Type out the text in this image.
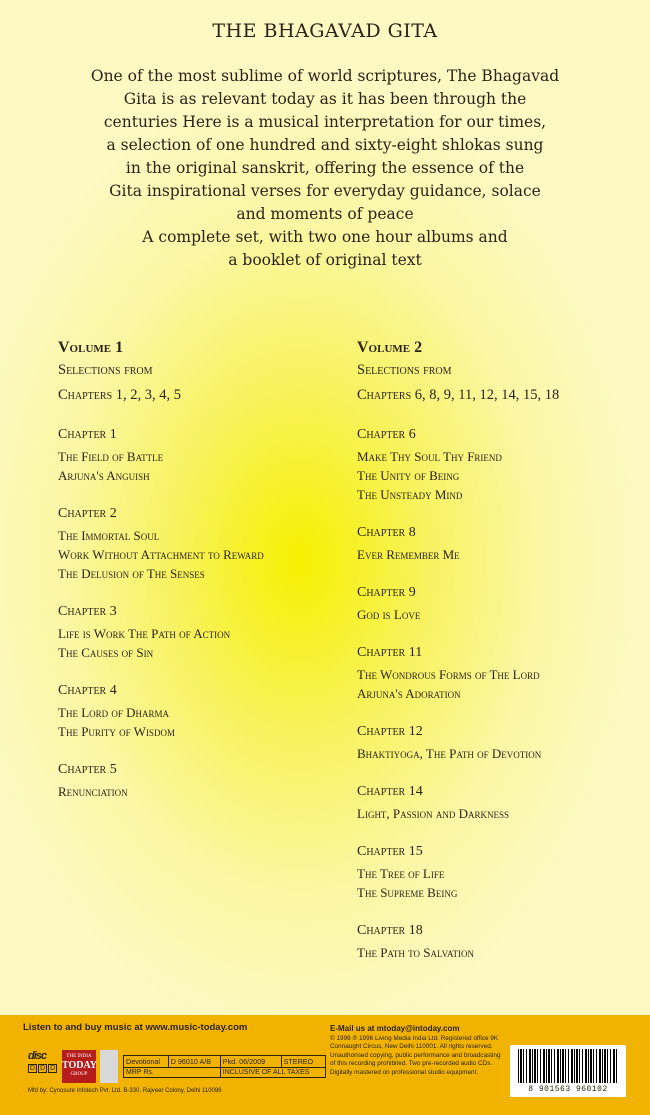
THE BHAGAVAD GITA
One of the most sublime of world scriptures, The Bhagavad
Gita is as relevant today as it has been through the
centuries Here is a musical interpretation for our times,
a selection of one hundred and sixty-eight shlokas sung
in the original sanskrit, offering the essence of the
Gita inspirational verses for everyday guidance, solace
and moments of peace
A complete set, with two one hour albums and
a booklet of original text
Volume 1
Selections from
Chapters 1, 2, 3, 4, 5
Chapter 1
The Field of Battle
Arjuna's Anguish
Chapter 2
The Immortal Soul
Work Without Attachment to Reward
The Delusion of The Senses
Chapter 3
Life is Work The Path of Action
The Causes of Sin
Chapter 4
The Lord of Dharma
The Purity of Wisdom
Chapter 5
Renunciation
Volume 2
Selections from
Chapters 6, 8, 9, 11, 12, 14, 15, 18
Chapter 6
Make Thy Soul Thy Friend
The Unity of Being
The Unsteady Mind
Chapter 8
Ever Remember Me
Chapter 9
God is Love
Chapter 11
The Wondrous Forms of The Lord
Arjuna's Adoration
Chapter 12
Bhaktiyoga, The Path of Devotion
Chapter 14
Light, Passion and Darkness
Chapter 15
The Tree of Life
The Supreme Being
Chapter 18
The Path to Salvation
Listen to and buy music at www.music-today.com	E-Mail us at mtoday@intoday.com
© 1996 ℗ 1996 Living Media India Ltd. Registered office 9K Connaught Circus, New Delhi 110001. All rights reserved. Unauthorised copying, public performance and broadcasting of this recording prohibited. Two pre-recorded audio CDs. Digitally mastered on professional studio equipment.
disc
D D D
THE INDIA
TODAY
GROUP
Devotional	D 96010 A/B	Pkd. 06/2009	STEREO
MRP Rs.		INCLUSIVE OF ALL TAXES	
Mfd by: Cynosure Infotech Pvt. Ltd. B-330, Rajveer Colony, Delhi 110096	8 901563 960102
